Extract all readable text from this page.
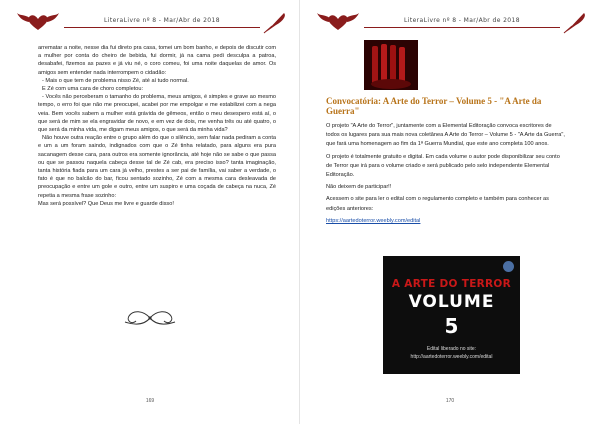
LiteraLivre nº 8 - Mar/Abr de 2018

arrematar a noite, nesse dia fui direto pra casa, tomei um bom banho, e depois de discutir com a mulher por conta do cheiro de bebida, fui dormir, já na cama pedi desculpa a patroa, desabafei, fizemos as pazes e já viu né, o coro comeu, foi uma noite daquelas de amor. Os amigos sem entender nada interrompem o cidadão:

- Mais o que tem de problema nisso Zé, até aí tudo normal.

E Zé com uma cara de choro completou:

- Vocês não perceberam o tamanho do problema, meus amigos, é simples e grave ao mesmo tempo, o erro foi que não me preocupei, acabei por me empolgar e me estabilizei com a nega veia. Bem vocês sabem a mulher está grávida de gêmeos, então o meu desespero está aí, o que será de mim se ela engravidar de novo, e em vez de dois, me venha três ou até quatro, o que será da minha vida, me digam meus amigos, o que será da minha vida?

Não houve outra reação entre o grupo além do que o silêncio, sem falar nada pediram a conta e um a um foram saindo, indignados com que o Zé tinha relatado, para alguns era pura sacanagem desse cara, para outros era somente ignorância, até hoje não se sabe o que passa ou que se passou naquela cabeça desse tal de Zé cab, era preciso isso? tanta imaginação, tanta história fiada para um cara já velho, prestes a ser pai de família, vai saber a verdade, o fato é que no balcão do bar, ficou sentado sozinho, Zé com a mesma cara desleavada de preocupação e entre um gole e outro, entre um suspiro e uma coçada de cabeça na nuca, Zé repetia a mesma frase sozinho:

Mas será possível? Que Deus me livre e guarde disso!

169
LiteraLivre nº 8 - Mar/Abr de 2018

Convocatória: A Arte do Terror – Volume 5 - "A Arte da Guerra"

O projeto "A Arte do Terror", juntamente com a Elemental Editoração convoca escritores de todos os lugares para sua mais nova coletânea A Arte do Terror – Volume 5 - "A Arte da Guerra", que fará uma homenagem ao fim da 1ª Guerra Mundial, que este ano completa 100 anos.

O projeto é totalmente gratuito e digital. Em cada volume o autor pode disponibilizar seu conto de Terror que irá para o volume criado e será publicado pelo selo independente Elemental Editoração.

Não deixem de participar!!

Acessem o site para ler o edital com o regulamento completo e também para conhecer as edições anteriores:

https://aartedoterror.weebly.com/edital

A ARTE DO TERROR
VOLUME
5
Edital liberado no site:
http://aartedoterror.weebly.com/edital
170
